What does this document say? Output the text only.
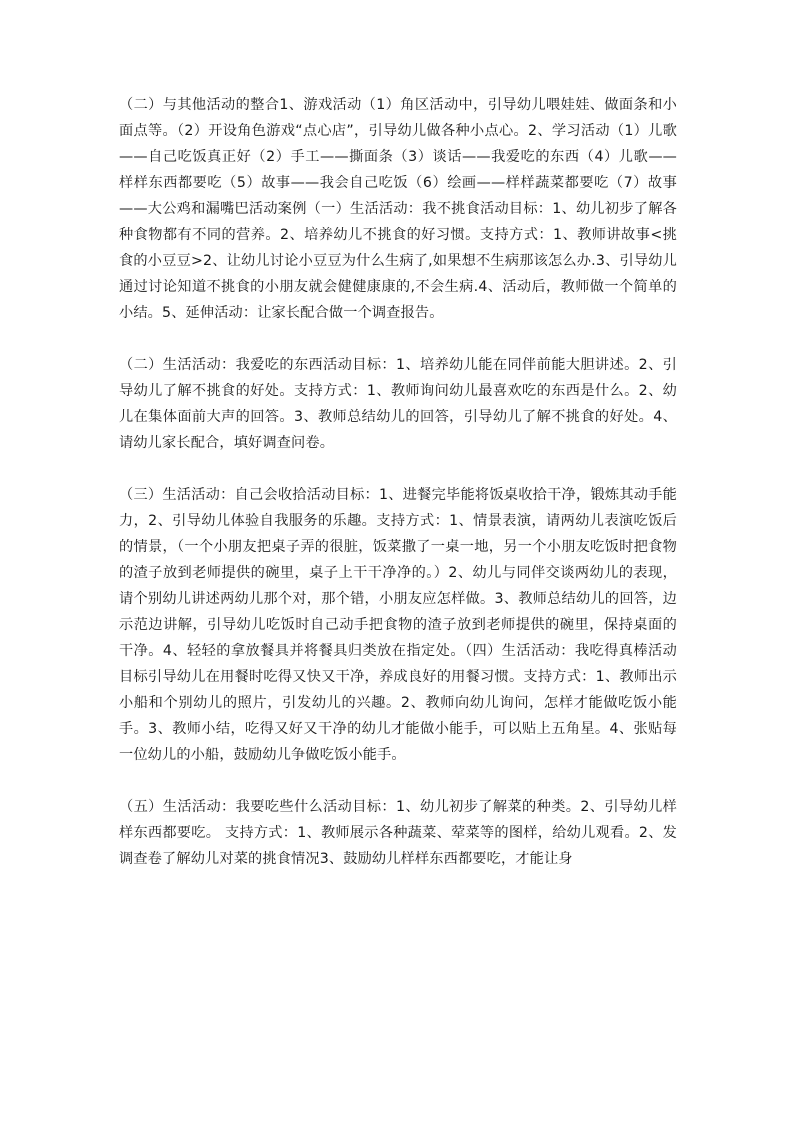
（二）与其他活动的整合1、游戏活动（1）角区活动中，引导幼儿喂娃娃、做面条和小面点等。（2）开设角色游戏“点心店”，引导幼儿做各种小点心。2、学习活动（1）儿歌——自己吃饭真正好（2）手工——撕面条（3）谈话——我爱吃的东西（4）儿歌——样样东西都要吃（5）故事——我会自己吃饭（6）绘画——样样蔬菜都要吃（7）故事——大公鸡和漏嘴巴活动案例（一）生活活动：我不挑食活动目标：1、幼儿初步了解各种食物都有不同的营养。2、培养幼儿不挑食的好习惯。支持方式：1、教师讲故事<挑食的小豆豆>2、让幼儿讨论小豆豆为什么生病了,如果想不生病那该怎么办.3、引导幼儿通过讨论知道不挑食的小朋友就会健健康康的,不会生病.4、活动后，教师做一个简单的小结。5、延伸活动：让家长配合做一个调查报告。

（二）生活活动：我爱吃的东西活动目标：1、培养幼儿能在同伴前能大胆讲述。2、引导幼儿了解不挑食的好处。支持方式：1、教师询问幼儿最喜欢吃的东西是什么。2、幼儿在集体面前大声的回答。3、教师总结幼儿的回答，引导幼儿了解不挑食的好处。4、请幼儿家长配合，填好调查问卷。

（三）生活活动：自己会收拾活动目标：1、进餐完毕能将饭桌收拾干净，锻炼其动手能力，2、引导幼儿体验自我服务的乐趣。支持方式：1、情景表演，请两幼儿表演吃饭后的情景，（一个小朋友把桌子弄的很脏，饭菜撒了一桌一地，另一个小朋友吃饭时把食物的渣子放到老师提供的碗里，桌子上干干净净的。）2、幼儿与同伴交谈两幼儿的表现，请个别幼儿讲述两幼儿那个对，那个错，小朋友应怎样做。3、教师总结幼儿的回答，边示范边讲解，引导幼儿吃饭时自己动手把食物的渣子放到老师提供的碗里，保持桌面的干净。4、轻轻的拿放餐具并将餐具归类放在指定处。（四）生活活动：我吃得真棒活动目标引导幼儿在用餐时吃得又快又干净，养成良好的用餐习惯。支持方式：1、教师出示小船和个别幼儿的照片，引发幼儿的兴趣。2、教师向幼儿询问，怎样才能做吃饭小能手。3、教师小结，吃得又好又干净的幼儿才能做小能手，可以贴上五角星。4、张贴每一位幼儿的小船，鼓励幼儿争做吃饭小能手。

（五）生活活动：我要吃些什么活动目标：1、幼儿初步了解菜的种类。2、引导幼儿样样东西都要吃。 支持方式：1、教师展示各种蔬菜、荤菜等的图样，给幼儿观看。2、发调查卷了解幼儿对菜的挑食情况3、鼓励幼儿样样东西都要吃，才能让身
